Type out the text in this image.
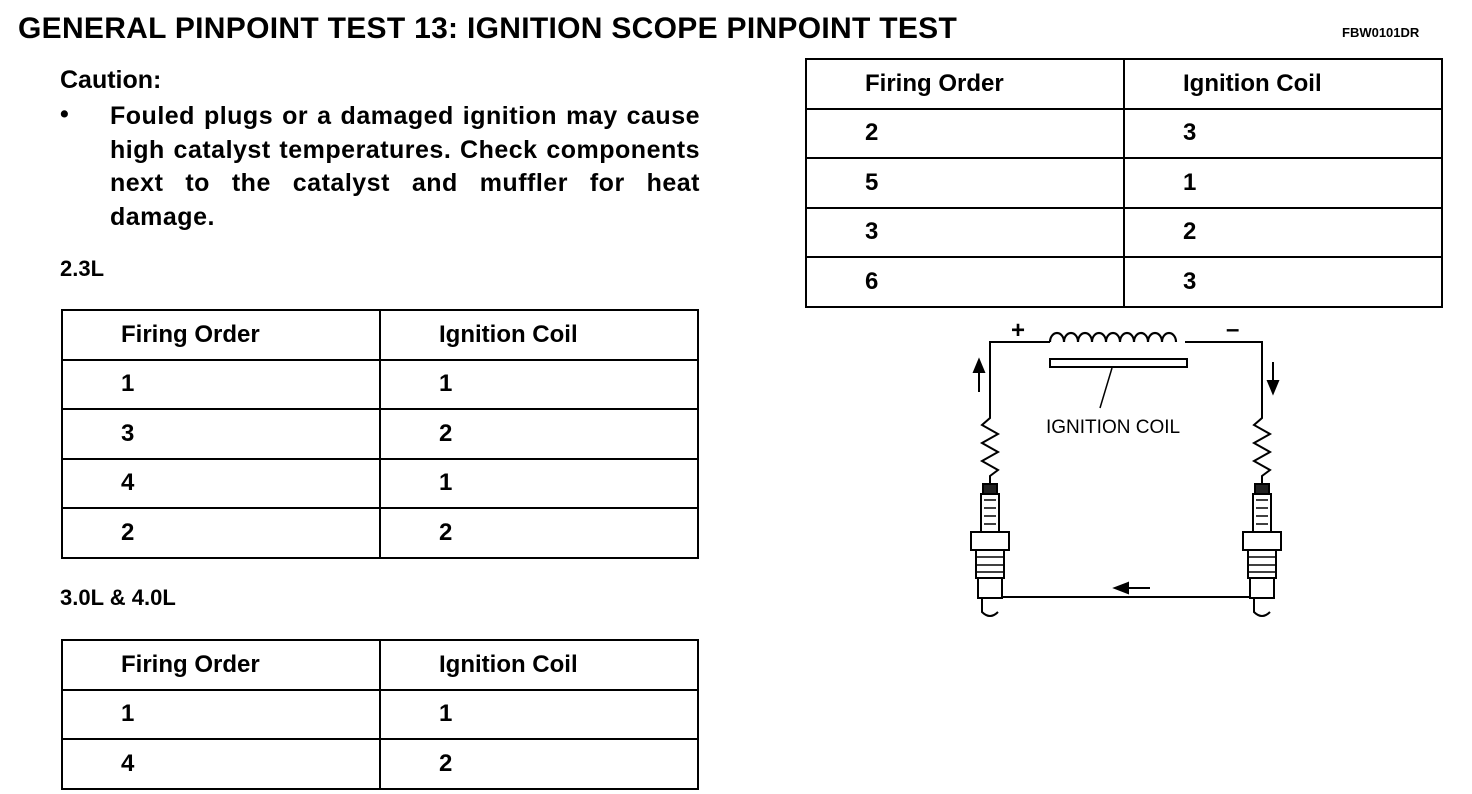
GENERAL PINPOINT TEST 13: IGNITION SCOPE PINPOINT TEST	FBW0101DR
Caution:
• Fouled plugs or a damaged ignition may cause high catalyst temperatures. Check components next to the catalyst and muffler for heat damage.
2.3L
Firing Order	Ignition Coil
1	1
3	2
4	1
2	2
3.0L & 4.0L
Firing Order	Ignition Coil
1	1
4	2
Firing Order	Ignition Coil
2	3
5	1
3	2
6	3
+	–
IGNITION COIL
